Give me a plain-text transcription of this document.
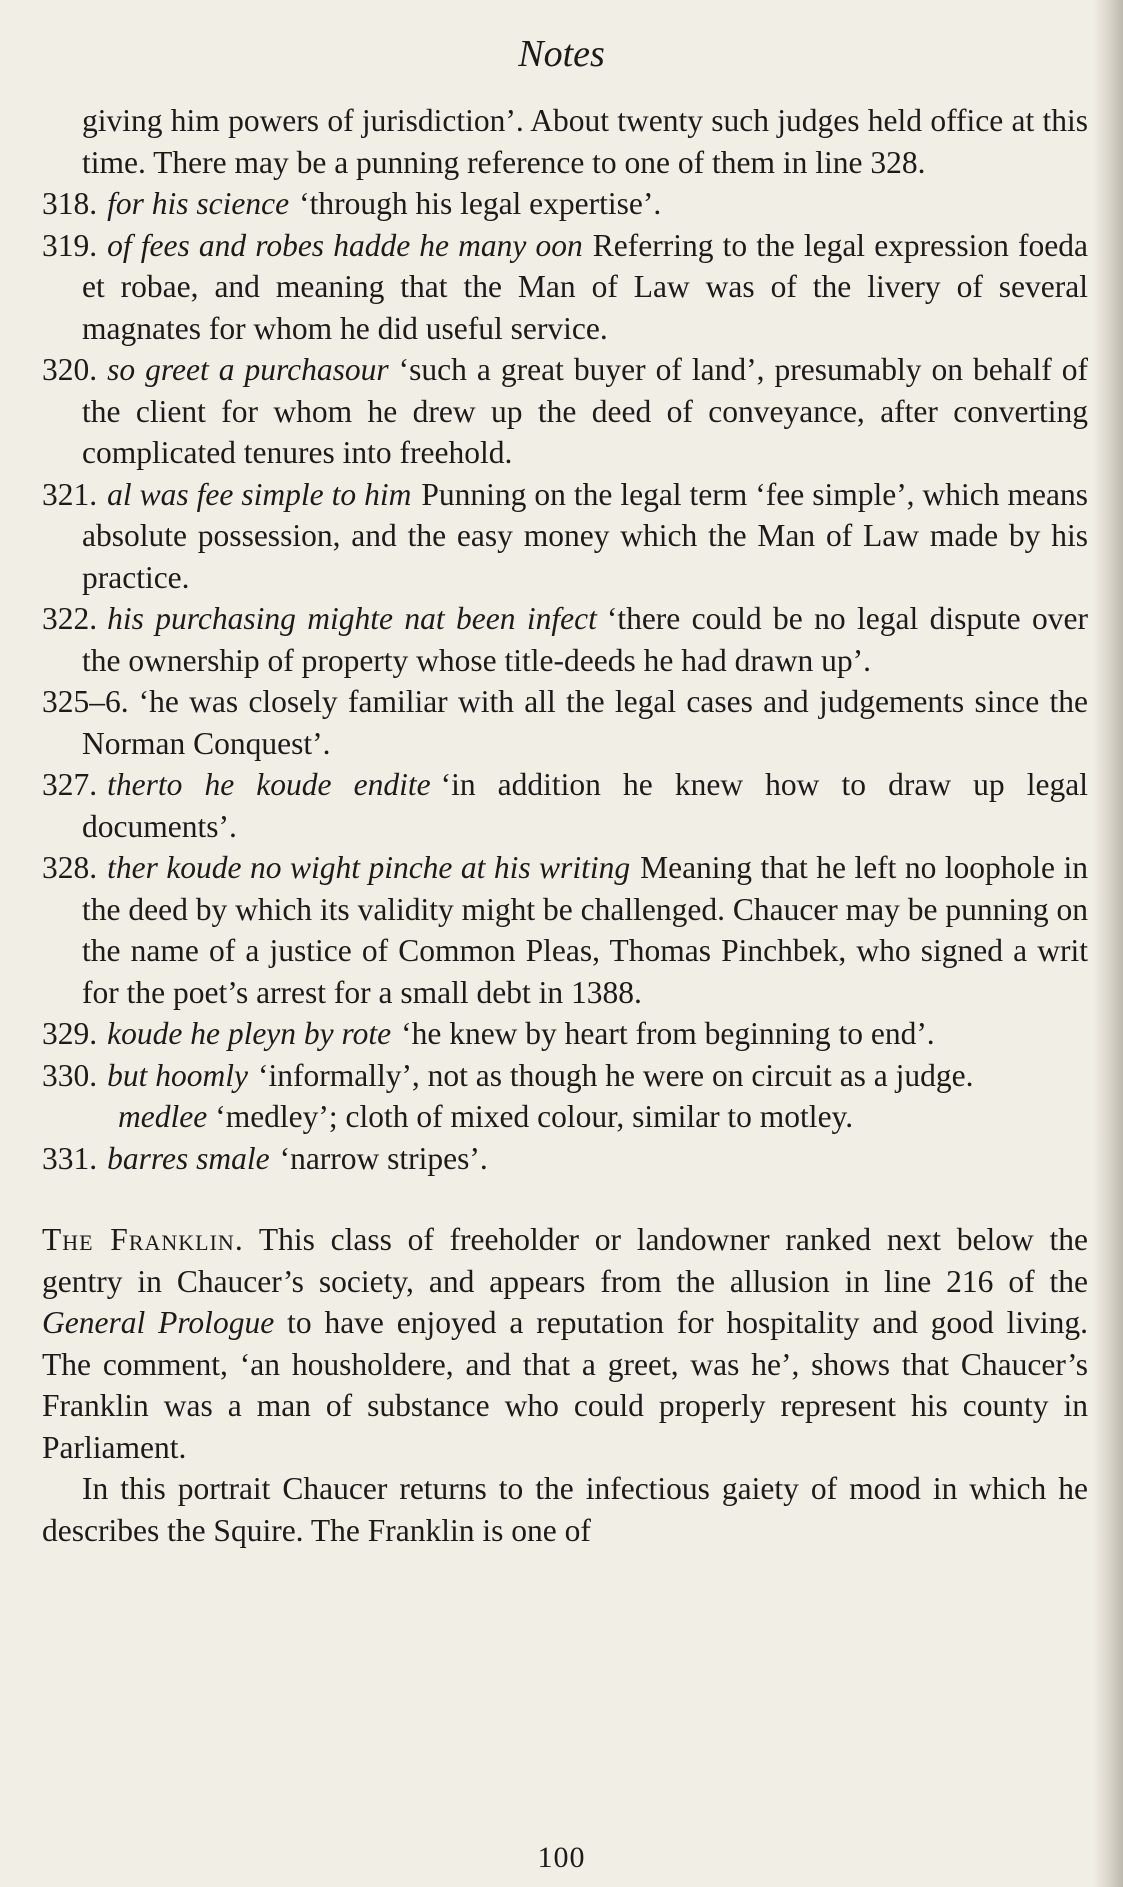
Notes

giving him powers of jurisdiction’. About twenty such judges held office at this time. There may be a punning reference to one of them in line 328.

318. for his science ‘through his legal expertise’.

319. of fees and robes hadde he many oon Referring to the legal expression foeda et robae, and meaning that the Man of Law was of the livery of several magnates for whom he did useful service.

320. so greet a purchasour ‘such a great buyer of land’, presumably on behalf of the client for whom he drew up the deed of conveyance, after converting complicated tenures into freehold.

321. al was fee simple to him Punning on the legal term ‘fee simple’, which means absolute possession, and the easy money which the Man of Law made by his practice.

322. his purchasing mighte nat been infect ‘there could be no legal dispute over the ownership of property whose title-deeds he had drawn up’.

325–6. ‘he was closely familiar with all the legal cases and judgements since the Norman Conquest’.

327. therto he koude endite ‘in addition he knew how to draw up legal documents’.

328. ther koude no wight pinche at his writing Meaning that he left no loophole in the deed by which its validity might be challenged. Chaucer may be punning on the name of a justice of Common Pleas, Thomas Pinchbek, who signed a writ for the poet’s arrest for a small debt in 1388.

329. koude he pleyn by rote ‘he knew by heart from beginning to end’.

330. but hoomly ‘informally’, not as though he were on circuit as a judge.

medlee ‘medley’; cloth of mixed colour, similar to motley.

331. barres smale ‘narrow stripes’.

The Franklin. This class of freeholder or landowner ranked next below the gentry in Chaucer’s society, and appears from the allusion in line 216 of the General Prologue to have enjoyed a reputation for hospitality and good living. The comment, ‘an housholdere, and that a greet, was he’, shows that Chaucer’s Franklin was a man of substance who could properly represent his county in Parliament.

In this portrait Chaucer returns to the infectious gaiety of mood in which he describes the Squire. The Franklin is one of

100
